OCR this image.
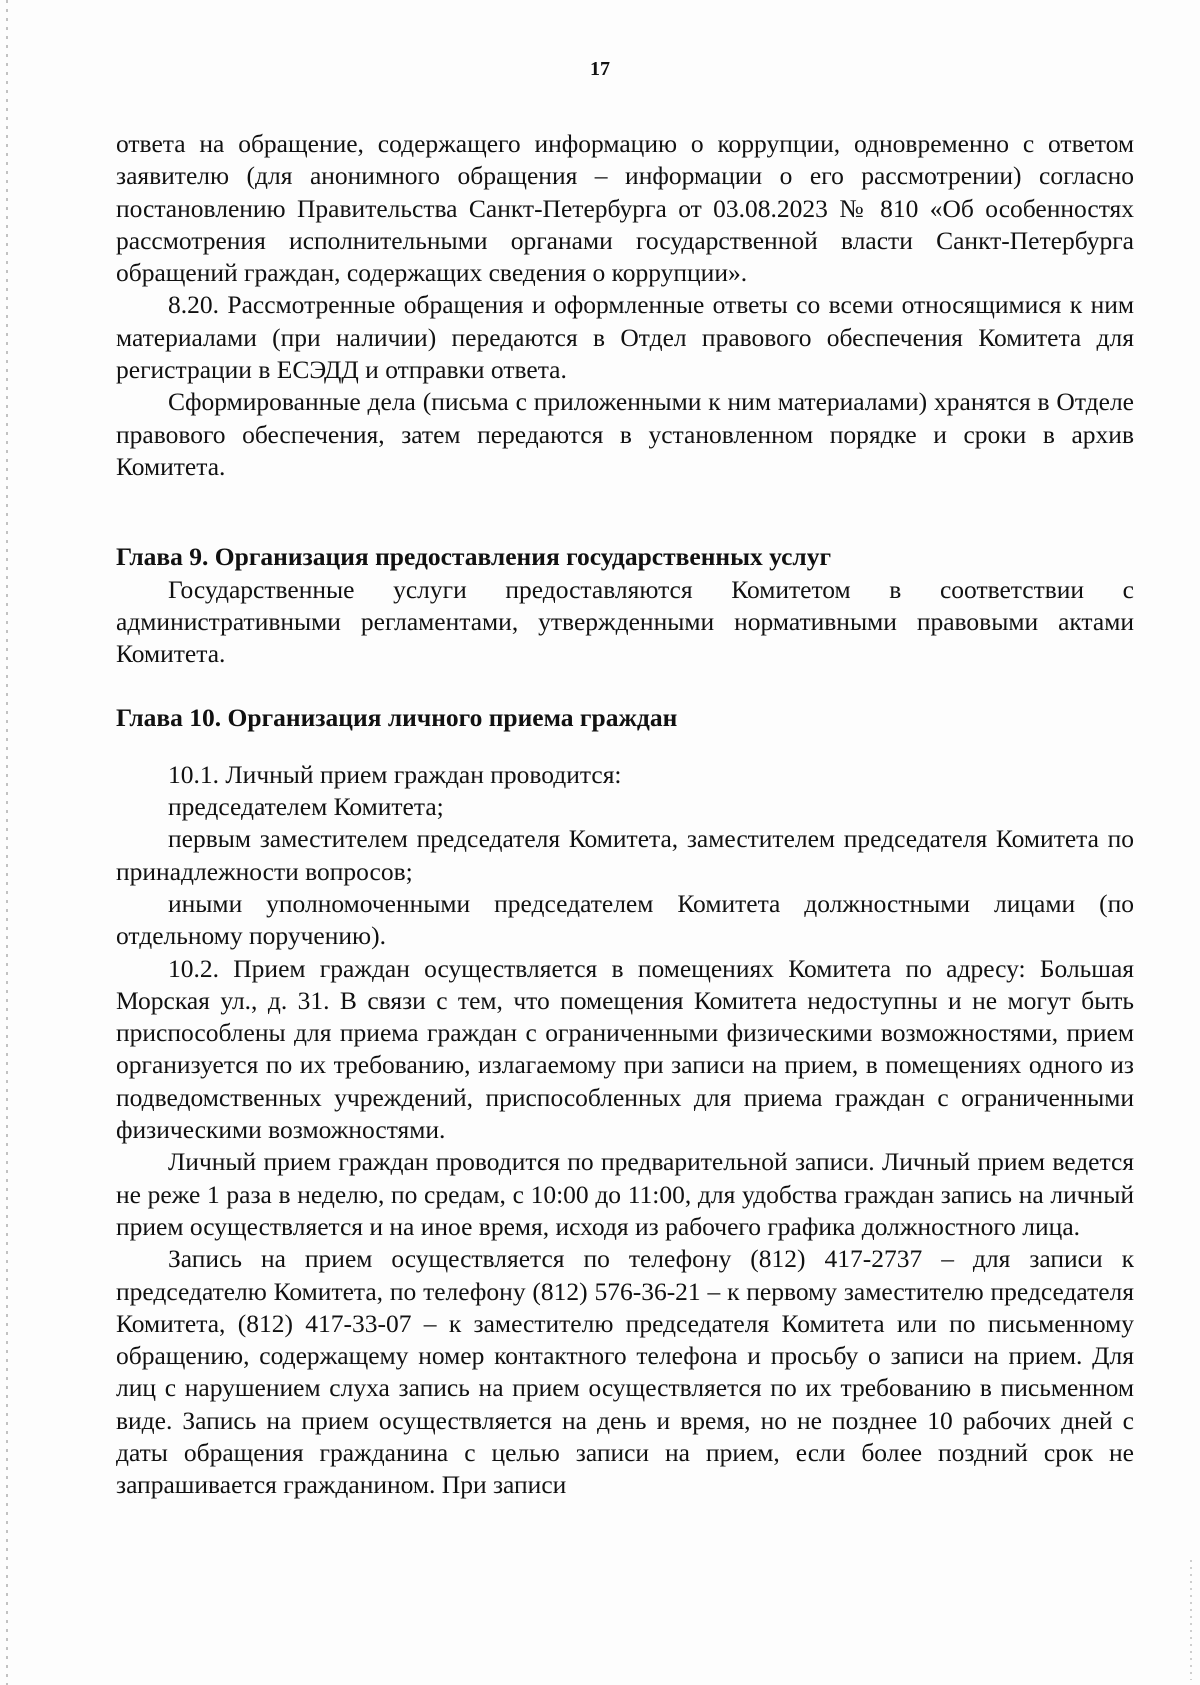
17

ответа на обращение, содержащего информацию о коррупции, одновременно с ответом заявителю (для анонимного обращения – информации о его рассмотрении) согласно постановлению Правительства Санкт-Петербурга от 03.08.2023 № 810 «Об особенностях рассмотрения исполнительными органами государственной власти Санкт-Петербурга обращений граждан, содержащих сведения о коррупции».

8.20. Рассмотренные обращения и оформленные ответы со всеми относящимися к ним материалами (при наличии) передаются в Отдел правового обеспечения Комитета для регистрации в ЕСЭДД и отправки ответа.

Сформированные дела (письма с приложенными к ним материалами) хранятся в Отделе правового обеспечения, затем передаются в установленном порядке и сроки в архив Комитета.

Глава 9. Организация предоставления государственных услуг

Государственные услуги предоставляются Комитетом в соответствии с административными регламентами, утвержденными нормативными правовыми актами Комитета.

Глава 10. Организация личного приема граждан

10.1. Личный прием граждан проводится:

председателем Комитета;

первым заместителем председателя Комитета, заместителем председателя Комитета по принадлежности вопросов;

иными уполномоченными председателем Комитета должностными лицами (по отдельному поручению).

10.2. Прием граждан осуществляется в помещениях Комитета по адресу: Большая Морская ул., д. 31. В связи с тем, что помещения Комитета недоступны и не могут быть приспособлены для приема граждан с ограниченными физическими возможностями, прием организуется по их требованию, излагаемому при записи на прием, в помещениях одного из подведомственных учреждений, приспособленных для приема граждан с ограниченными физическими возможностями.

Личный прием граждан проводится по предварительной записи. Личный прием ведется не реже 1 раза в неделю, по средам, с 10:00 до 11:00, для удобства граждан запись на личный прием осуществляется и на иное время, исходя из рабочего графика должностного лица.

Запись на прием осуществляется по телефону (812) 417-2737 – для записи к председателю Комитета, по телефону (812) 576-36-21 – к первому заместителю председателя Комитета, (812) 417-33-07 – к заместителю председателя Комитета или по письменному обращению, содержащему номер контактного телефона и просьбу о записи на прием. Для лиц с нарушением слуха запись на прием осуществляется по их требованию в письменном виде. Запись на прием осуществляется на день и время, но не позднее 10 рабочих дней с даты обращения гражданина с целью записи на прием, если более поздний срок не запрашивается гражданином. При записи
